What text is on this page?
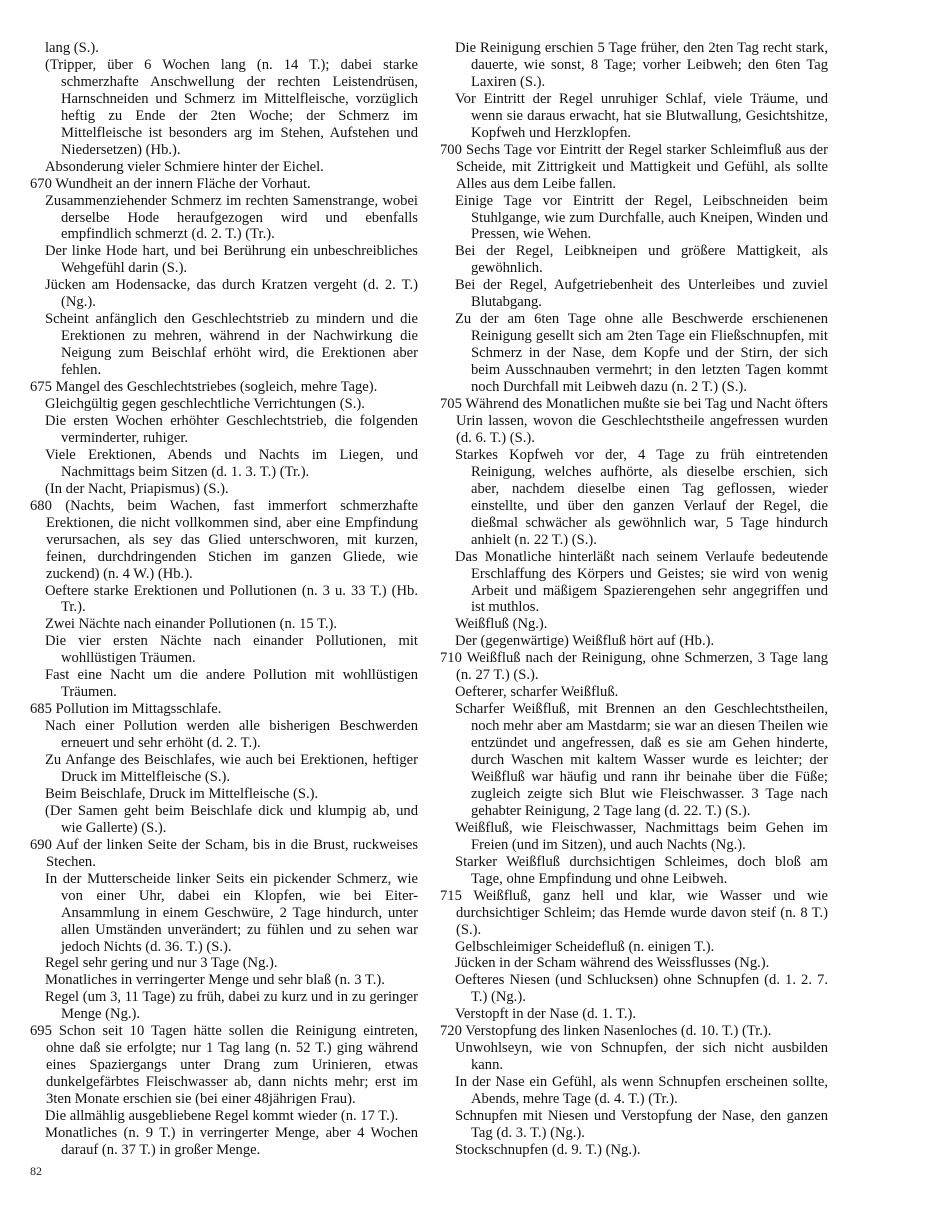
lang (S.).

(Tripper, über 6 Wochen lang (n. 14 T.); dabei starke schmerzhafte Anschwellung der rechten Leistendrüsen, Harnschneiden und Schmerz im Mittelfleische, vorzüglich heftig zu Ende der 2ten Woche; der Schmerz im Mittelfleische ist besonders arg im Stehen, Aufstehen und Niedersetzen) (Hb.).

Absonderung vieler Schmiere hinter der Eichel.

670 Wundheit an der innern Fläche der Vorhaut.

Zusammenziehender Schmerz im rechten Samenstrange, wobei derselbe Hode heraufgezogen wird und ebenfalls empfindlich schmerzt (d. 2. T.) (Tr.).

Der linke Hode hart, und bei Berührung ein unbeschreibliches Wehgefühl darin (S.).

Jücken am Hodensacke, das durch Kratzen vergeht (d. 2. T.) (Ng.).

Scheint anfänglich den Geschlechtstrieb zu mindern und die Erektionen zu mehren, während in der Nachwirkung die Neigung zum Beischlaf erhöht wird, die Erektionen aber fehlen.

675 Mangel des Geschlechtstriebes (sogleich, mehre Tage).

Gleichgültig gegen geschlechtliche Verrichtungen (S.).

Die ersten Wochen erhöhter Geschlechtstrieb, die folgenden verminderter, ruhiger.

Viele Erektionen, Abends und Nachts im Liegen, und Nachmittags beim Sitzen (d. 1. 3. T.) (Tr.).

(In der Nacht, Priapismus) (S.).

680 (Nachts, beim Wachen, fast immerfort schmerzhafte Erektionen, die nicht vollkommen sind, aber eine Empfindung verursachen, als sey das Glied unterschworen, mit kurzen, feinen, durchdringenden Stichen im ganzen Gliede, wie zuckend) (n. 4 W.) (Hb.).

Oeftere starke Erektionen und Pollutionen (n. 3 u. 33 T.) (Hb. Tr.).

Zwei Nächte nach einander Pollutionen (n. 15 T.).

Die vier ersten Nächte nach einander Pollutionen, mit wohllüstigen Träumen.

Fast eine Nacht um die andere Pollution mit wohllüstigen Träumen.

685 Pollution im Mittagsschlafe.

Nach einer Pollution werden alle bisherigen Beschwerden erneuert und sehr erhöht (d. 2. T.).

Zu Anfange des Beischlafes, wie auch bei Erektionen, heftiger Druck im Mittelfleische (S.).

Beim Beischlafe, Druck im Mittelfleische (S.).

(Der Samen geht beim Beischlafe dick und klumpig ab, und wie Gallerte) (S.).

690 Auf der linken Seite der Scham, bis in die Brust, ruckweises Stechen.

In der Mutterscheide linker Seits ein pickender Schmerz, wie von einer Uhr, dabei ein Klopfen, wie bei Eiter-Ansammlung in einem Geschwüre, 2 Tage hindurch, unter allen Umständen unverändert; zu fühlen und zu sehen war jedoch Nichts (d. 36. T.) (S.).

Regel sehr gering und nur 3 Tage (Ng.).

Monatliches in verringerter Menge und sehr blaß (n. 3 T.).

Regel (um 3, 11 Tage) zu früh, dabei zu kurz und in zu geringer Menge (Ng.).

695 Schon seit 10 Tagen hätte sollen die Reinigung eintreten, ohne daß sie erfolgte; nur 1 Tag lang (n. 52 T.) ging während eines Spaziergangs unter Drang zum Urinieren, etwas dunkelgefärbtes Fleischwasser ab, dann nichts mehr; erst im 3ten Monate erschien sie (bei einer 48jährigen Frau).

Die allmählig ausgebliebene Regel kommt wieder (n. 17 T.).

Monatliches (n. 9 T.) in verringerter Menge, aber 4 Wochen darauf (n. 37 T.) in großer Menge.

Die Reinigung erschien 5 Tage früher, den 2ten Tag recht stark, dauerte, wie sonst, 8 Tage; vorher Leibweh; den 6ten Tag Laxiren (S.).

Vor Eintritt der Regel unruhiger Schlaf, viele Träume, und wenn sie daraus erwacht, hat sie Blutwallung, Gesichtshitze, Kopfweh und Herzklopfen.

700 Sechs Tage vor Eintritt der Regel starker Schleimfluß aus der Scheide, mit Zittrigkeit und Mattigkeit und Gefühl, als sollte Alles aus dem Leibe fallen.

Einige Tage vor Eintritt der Regel, Leibschneiden beim Stuhlgange, wie zum Durchfalle, auch Kneipen, Winden und Pressen, wie Wehen.

Bei der Regel, Leibkneipen und größere Mattigkeit, als gewöhnlich.

Bei der Regel, Aufgetriebenheit des Unterleibes und zuviel Blutabgang.

Zu der am 6ten Tage ohne alle Beschwerde erschienenen Reinigung gesellt sich am 2ten Tage ein Fließschnupfen, mit Schmerz in der Nase, dem Kopfe und der Stirn, der sich beim Ausschnauben vermehrt; in den letzten Tagen kommt noch Durchfall mit Leibweh dazu (n. 2 T.) (S.).

705 Während des Monatlichen mußte sie bei Tag und Nacht öfters Urin lassen, wovon die Geschlechtstheile angefressen wurden (d. 6. T.) (S.).

Starkes Kopfweh vor der, 4 Tage zu früh eintretenden Reinigung, welches aufhörte, als dieselbe erschien, sich aber, nachdem dieselbe einen Tag geflossen, wieder einstellte, und über den ganzen Verlauf der Regel, die dießmal schwächer als gewöhnlich war, 5 Tage hindurch anhielt (n. 22 T.) (S.).

Das Monatliche hinterläßt nach seinem Verlaufe bedeutende Erschlaffung des Körpers und Geistes; sie wird von wenig Arbeit und mäßigem Spazierengehen sehr angegriffen und ist muthlos.

Weißfluß (Ng.).

Der (gegenwärtige) Weißfluß hört auf (Hb.).

710 Weißfluß nach der Reinigung, ohne Schmerzen, 3 Tage lang (n. 27 T.) (S.).

Oefterer, scharfer Weißfluß.

Scharfer Weißfluß, mit Brennen an den Geschlechtstheilen, noch mehr aber am Mastdarm; sie war an diesen Theilen wie entzündet und angefressen, daß es sie am Gehen hinderte, durch Waschen mit kaltem Wasser wurde es leichter; der Weißfluß war häufig und rann ihr beinahe über die Füße; zugleich zeigte sich Blut wie Fleischwasser. 3 Tage nach gehabter Reinigung, 2 Tage lang (d. 22. T.) (S.).

Weißfluß, wie Fleischwasser, Nachmittags beim Gehen im Freien (und im Sitzen), und auch Nachts (Ng.).

Starker Weißfluß durchsichtigen Schleimes, doch bloß am Tage, ohne Empfindung und ohne Leibweh.

715 Weißfluß, ganz hell und klar, wie Wasser und wie durchsichtiger Schleim; das Hemde wurde davon steif (n. 8 T.) (S.).

Gelbschleimiger Scheidefluß (n. einigen T.).

Jücken in der Scham während des Weissflusses (Ng.).

Oefteres Niesen (und Schlucksen) ohne Schnupfen (d. 1. 2. 7. T.) (Ng.).

Verstopft in der Nase (d. 1. T.).

720 Verstopfung des linken Nasenloches (d. 10. T.) (Tr.).

Unwohlseyn, wie von Schnupfen, der sich nicht ausbilden kann.

In der Nase ein Gefühl, als wenn Schnupfen erscheinen sollte, Abends, mehre Tage (d. 4. T.) (Tr.).

Schnupfen mit Niesen und Verstopfung der Nase, den ganzen Tag (d. 3. T.) (Ng.).

Stockschnupfen (d. 9. T.) (Ng.).

82
